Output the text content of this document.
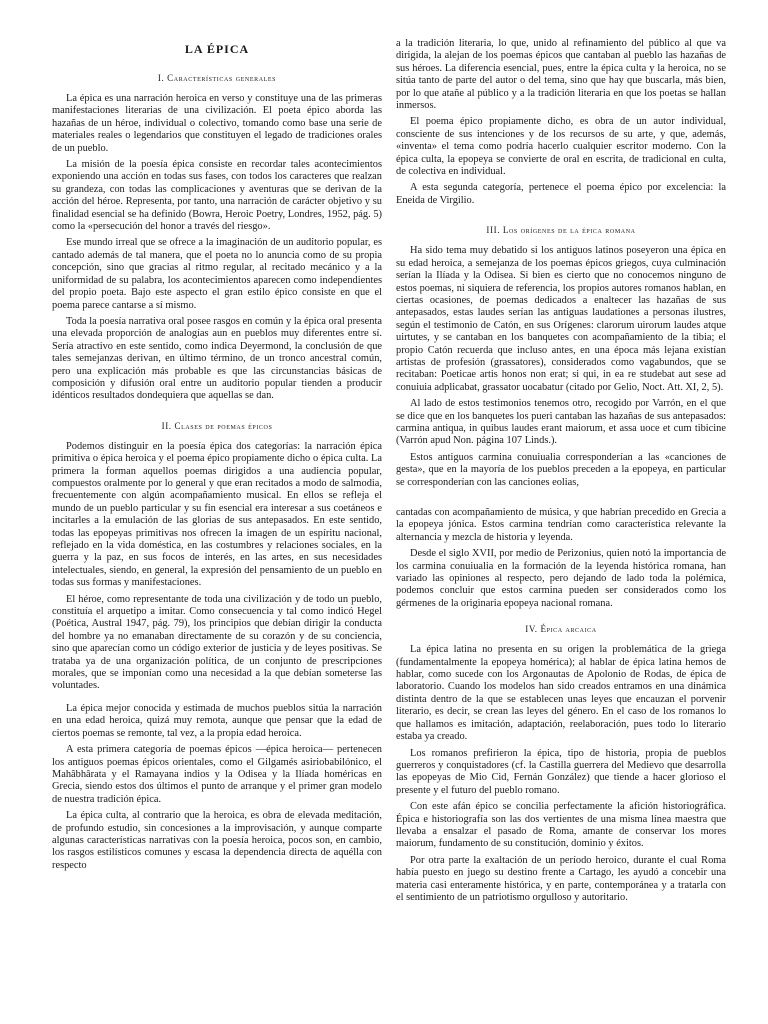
LA ÉPICA
I. Características generales

La épica es una narración heroica en verso y constituye una de las primeras manifestaciones literarias de una civilización. El poeta épico aborda las hazañas de un héroe, individual o colectivo, tomando como base una serie de materiales reales o legendarios que constituyen el legado de tradiciones orales de un pueblo.

La misión de la poesía épica consiste en recordar tales acontecimientos exponiendo una acción en todas sus fases, con todos los caracteres que realzan su grandeza, con todas las complicaciones y aventuras que se derivan de la acción del héroe. Representa, por tanto, una narración de carácter objetivo y su finalidad esencial se ha definido (Bowra, Heroic Poetry, Londres, 1952, pág. 5) como la «persecución del honor a través del riesgo».

Ese mundo irreal que se ofrece a la imaginación de un auditorio popular, es cantado además de tal manera, que el poeta no lo anuncia como de su propia concepción, sino que gracias al ritmo regular, al recitado mecánico y a la uniformidad de su palabra, los acontecimientos aparecen como independientes del propio poeta. Bajo este aspecto el gran estilo épico consiste en que el poema parece cantarse a sí mismo.

Toda la poesía narrativa oral posee rasgos en común y la épica oral presenta una elevada proporción de analogías aun en pueblos muy diferentes entre sí. Sería atractivo en este sentido, como indica Deyermond, la conclusión de que tales semejanzas derivan, en último término, de un tronco ancestral común, pero una explicación más probable es que las circunstancias básicas de composición y difusión oral entre un auditorio popular tienden a producir idénticos resultados dondequiera que aquellas se dan.

II. Clases de poemas épicos

Podemos distinguir en la poesía épica dos categorías: la narración épica primitiva o épica heroica y el poema épico propiamente dicho o épica culta. La primera la forman aquellos poemas dirigidos a una audiencia popular, compuestos oralmente por lo general y que eran recitados a modo de salmodia, frecuentemente con algún acompañamiento musical. En ellos se refleja el mundo de un pueblo particular y su fin esencial era interesar a sus coetáneos e incitarles a la emulación de las glorias de sus antepasados. En este sentido, todas las epopeyas primitivas nos ofrecen la imagen de un espíritu nacional, reflejado en la vida doméstica, en las costumbres y relaciones sociales, en la guerra y la paz, en sus focos de interés, en las artes, en sus necesidades intelectuales, siendo, en general, la expresión del pensamiento de un pueblo en todas sus formas y manifestaciones.

El héroe, como representante de toda una civilización y de todo un pueblo, constituía el arquetipo a imitar. Como consecuencia y tal como indicó Hegel (Poética, Austral 1947, pág. 79), los principios que debían dirigir la conducta del hombre ya no emanaban directamente de su corazón y de su conciencia, sino que aparecían como un código exterior de justicia y de leyes positivas. Se trataba ya de una organización política, de un conjunto de prescripciones morales, que se imponían como una necesidad a la que debían someterse las voluntades.

La épica mejor conocida y estimada de muchos pueblos sitúa la narración en una edad heroica, quizá muy remota, aunque que pensar que la edad de ciertos poemas se remonte, tal vez, a la propia edad heroica.

A esta primera categoría de poemas épicos —épica heroica— pertenecen los antiguos poemas épicos orientales, como el Gilgamés asiriobabilónico, el Mahâbhârata y el Ramayana indios y la Odisea y la Ilíada homéricas en Grecia, siendo estos dos últimos el punto de arranque y el primer gran modelo de nuestra tradición épica.

La épica culta, al contrario que la heroica, es obra de elevada meditación, de profundo estudio, sin concesiones a la improvisación, y aunque comparte algunas características narrativas con la poesía heroica, pocos son, en cambio, los rasgos estilísticos comunes y escasa la dependencia directa de aquélla con respecto

a la tradición literaria, lo que, unido al refinamiento del público al que va dirigida, la alejan de los poemas épicos que cantaban al pueblo las hazañas de sus héroes. La diferencia esencial, pues, entre la épica culta y la heroica, no se sitúa tanto de parte del autor o del tema, sino que hay que buscarla, más bien, por lo que atañe al público y a la tradición literaria en que los poetas se hallan inmersos.

El poema épico propiamente dicho, es obra de un autor individual, consciente de sus intenciones y de los recursos de su arte, y que, además, «inventa» el tema como podría hacerlo cualquier escritor moderno. Con la épica culta, la epopeya se convierte de oral en escrita, de tradicional en culta, de colectiva en individual.

A esta segunda categoría, pertenece el poema épico por excelencia: la Eneida de Virgilio.

III. Los orígenes de la épica romana

Ha sido tema muy debatido si los antiguos latinos poseyeron una épica en su edad heroica, a semejanza de los poemas épicos griegos, cuya culminación serían la Ilíada y la Odisea. Si bien es cierto que no conocemos ninguno de estos poemas, ni siquiera de referencia, los propios autores romanos hablan, en ciertas ocasiones, de poemas dedicados a enaltecer las hazañas de sus antepasados, estas laudes serían las antiguas laudationes a personas ilustres, según el testimonio de Catón, en sus Orígenes: clarorum uirorum laudes atque uirtutes, y se cantaban en los banquetes con acompañamiento de la tibia; el propio Catón recuerda que incluso antes, en una época más lejana existían artistas de profesión (grassatores), considerados como vagabundos, que se recitaban: Poeticae artis honos non erat; si qui, in ea re studebat aut sese ad conuiuia adplicabat, grassator uocabatur (citado por Gelio, Noct. Att. XI, 2, 5).

Al lado de estos testimonios tenemos otro, recogido por Varrón, en el que se dice que en los banquetes los pueri cantaban las hazañas de sus antepasados: carmina antiqua, in quibus laudes erant maiorum, et assa uoce et cum tibicine (Varrón apud Non. página 107 Linds.).

Estos antiguos carmina conuiualia corresponderían a las «canciones de gesta», que en la mayoría de los pueblos preceden a la epopeya, en particular se corresponderían con las canciones eolias,

cantadas con acompañamiento de música, y que habrían precedido en Grecia a la epopeya jónica. Estos carmina tendrían como característica relevante la alternancia y mezcla de historia y leyenda.

Desde el siglo XVII, por medio de Perizonius, quien notó la importancia de los carmina conuiualia en la formación de la leyenda histórica romana, han variado las opiniones al respecto, pero dejando de lado toda la polémica, podemos concluir que estos carmina pueden ser considerados como los gérmenes de la originaria epopeya nacional romana.

IV. Épica arcaica

La épica latina no presenta en su origen la problemática de la griega (fundamentalmente la epopeya homérica); al hablar de épica latina hemos de hablar, como sucede con los Argonautas de Apolonio de Rodas, de épica de laboratorio. Cuando los modelos han sido creados entramos en una dinámica distinta dentro de la que se establecen unas leyes que encauzan el porvenir literario, es decir, se crean las leyes del género. En el caso de los romanos lo que hallamos es imitación, adaptación, reelaboración, pues todo lo literario estaba ya creado.

Los romanos prefirieron la épica, tipo de historia, propia de pueblos guerreros y conquistadores (cf. la Castilla guerrera del Medievo que desarrolla las epopeyas de Mio Cid, Fernán González) que tiende a hacer glorioso el presente y el futuro del pueblo romano.

Con este afán épico se concilia perfectamente la afición historiográfica. Épica e historiografía son las dos vertientes de una misma línea maestra que llevaba a ensalzar el pasado de Roma, amante de conservar los mores maiorum, fundamento de su constitución, dominio y éxitos.

Por otra parte la exaltación de un período heroico, durante el cual Roma había puesto en juego su destino frente a Cartago, les ayudó a concebir una materia casi enteramente histórica, y en parte, contemporánea y a tratarla con el sentimiento de un patriotismo orgulloso y autoritario.
